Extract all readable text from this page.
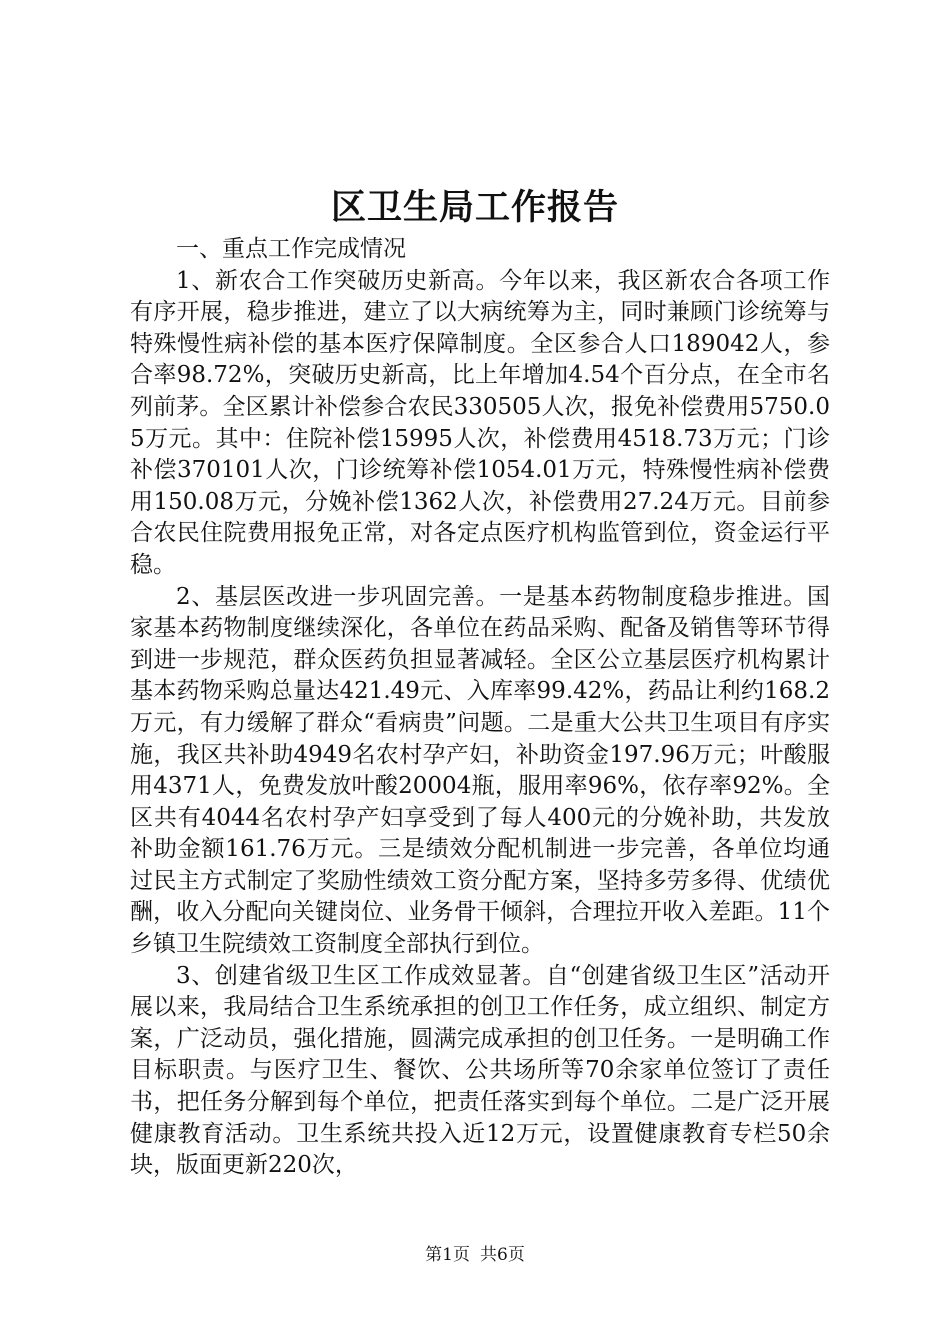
区卫生局工作报告

一、重点工作完成情况

1、新农合工作突破历史新高。今年以来，我区新农合各项工作有序开展，稳步推进，建立了以大病统筹为主，同时兼顾门诊统筹与特殊慢性病补偿的基本医疗保障制度。全区参合人口189042人，参合率98.72%，突破历史新高，比上年增加4.54个百分点，在全市名列前茅。全区累计补偿参合农民330505人次，报免补偿费用5750.05万元。其中：住院补偿15995人次，补偿费用4518.73万元；门诊补偿370101人次，门诊统筹补偿1054.01万元，特殊慢性病补偿费用150.08万元，分娩补偿1362人次，补偿费用27.24万元。目前参合农民住院费用报免正常，对各定点医疗机构监管到位，资金运行平稳。

2、基层医改进一步巩固完善。一是基本药物制度稳步推进。国家基本药物制度继续深化，各单位在药品采购、配备及销售等环节得到进一步规范，群众医药负担显著减轻。全区公立基层医疗机构累计基本药物采购总量达421.49元、入库率99.42%，药品让利约168.2万元，有力缓解了群众“看病贵”问题。二是重大公共卫生项目有序实施，我区共补助4949名农村孕产妇，补助资金197.96万元；叶酸服用4371人，免费发放叶酸20004瓶，服用率96%，依存率92%。全区共有4044名农村孕产妇享受到了每人400元的分娩补助，共发放补助金额161.76万元。三是绩效分配机制进一步完善，各单位均通过民主方式制定了奖励性绩效工资分配方案，坚持多劳多得、优绩优酬，收入分配向关键岗位、业务骨干倾斜，合理拉开收入差距。11个乡镇卫生院绩效工资制度全部执行到位。

3、创建省级卫生区工作成效显著。自“创建省级卫生区”活动开展以来，我局结合卫生系统承担的创卫工作任务，成立组织、制定方案，广泛动员，强化措施，圆满完成承担的创卫任务。一是明确工作目标职责。与医疗卫生、餐饮、公共场所等70余家单位签订了责任书，把任务分解到每个单位，把责任落实到每个单位。二是广泛开展健康教育活动。卫生系统共投入近12万元，设置健康教育专栏50余块，版面更新220次，

第1页 共6页
